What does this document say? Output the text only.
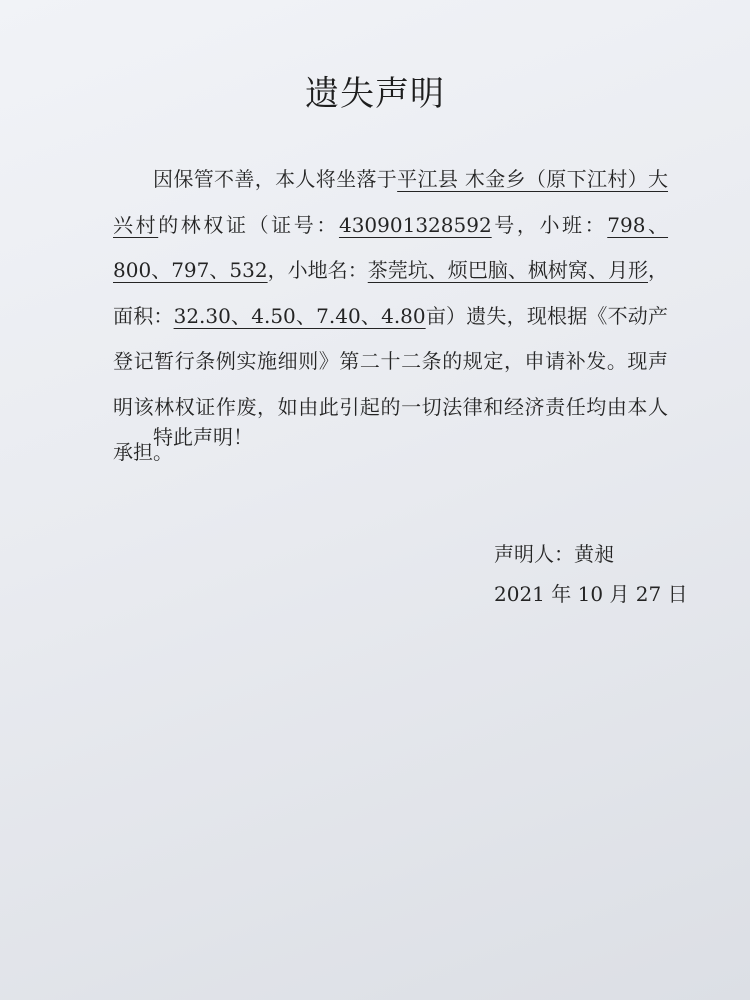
遗失声明
因保管不善，本人将坐落于平江县 木金乡（原下江村）大兴村的林权证（证号：430901328592号，小班：798、800、797、532，小地名：茶莞坑、烦巴脑、枫树窝、月形，面积：32.30、4.50、7.40、4.80亩）遗失，现根据《不动产登记暂行条例实施细则》第二十二条的规定，申请补发。现声明该林权证作废，如由此引起的一切法律和经济责任均由本人承担。
特此声明！
声明人：黄昶
2021 年 10 月 27 日
